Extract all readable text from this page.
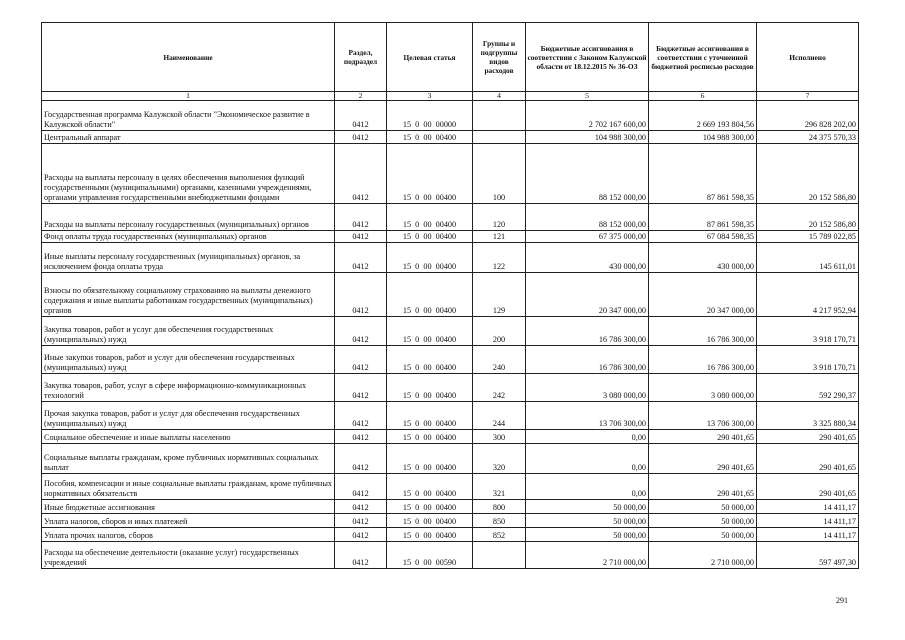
Наименование	Раздел, подраздел	Целевая статья	Группы и подгруппы видов расходов	Бюджетные ассигнования в соответствии с Законом Калужской области от 18.12.2015 № 36-ОЗ	Бюджетные ассигнования в соответствии с уточненной бюджетной росписью расходов	Исполнено
1	2	3	4	5	6	7
Государственная программа Калужской области "Экономическое развитие в Калужской области"	0412	15  0  00  00000		2 702 167 600,00	2 669 193 804,56	296 828 202,00
Центральный аппарат	0412	15  0  00  00400		104 988 300,00	104 988 300,00	24 375 570,33
Расходы на выплаты персоналу в целях обеспечения выполнения функций государственными (муниципальными) органами, казенными учреждениями, органами управления государственными внебюджетными фондами	0412	15  0  00  00400	100	88 152 000,00	87 861 598,35	20 152 586,80
Расходы на выплаты персоналу государственных (муниципальных) органов	0412	15  0  00  00400	120	88 152 000,00	87 861 598,35	20 152 586,80
Фонд оплаты труда государственных (муниципальных) органов	0412	15  0  00  00400	121	67 375 000,00	67 084 598,35	15 789 022,85
Иные выплаты персоналу государственных (муниципальных) органов, за исключением фонда оплаты труда	0412	15  0  00  00400	122	430 000,00	430 000,00	145 611,01
Взносы по обязательному социальному страхованию на выплаты денежного содержания и иные выплаты работникам государственных (муниципальных) органов	0412	15  0  00  00400	129	20 347 000,00	20 347 000,00	4 217 952,94
Закупка товаров, работ и услуг для обеспечения государственных (муниципальных) нужд	0412	15  0  00  00400	200	16 786 300,00	16 786 300,00	3 918 170,71
Иные закупки товаров, работ и услуг для обеспечения государственных (муниципальных) нужд	0412	15  0  00  00400	240	16 786 300,00	16 786 300,00	3 918 170,71
Закупка товаров, работ, услуг в сфере информационно-коммуникационных технологий	0412	15  0  00  00400	242	3 080 000,00	3 080 000,00	592 290,37
Прочая закупка товаров, работ и услуг для обеспечения государственных (муниципальных) нужд	0412	15  0  00  00400	244	13 706 300,00	13 706 300,00	3 325 880,34
Социальное обеспечение и иные выплаты населению	0412	15  0  00  00400	300	0,00	290 401,65	290 401,65
Социальные выплаты гражданам, кроме публичных нормативных социальных выплат	0412	15  0  00  00400	320	0,00	290 401,65	290 401,65
Пособия, компенсации и иные социальные выплаты гражданам, кроме публичных нормативных обязательств	0412	15  0  00  00400	321	0,00	290 401,65	290 401,65
Иные бюджетные ассигнования	0412	15  0  00  00400	800	50 000,00	50 000,00	14 411,17
Уплата налогов, сборов и иных платежей	0412	15  0  00  00400	850	50 000,00	50 000,00	14 411,17
Уплата прочих налогов, сборов	0412	15  0  00  00400	852	50 000,00	50 000,00	14 411,17
Расходы на обеспечение деятельности (оказание услуг) государственных учреждений	0412	15  0  00  00590		2 710 000,00	2 710 000,00	597 497,30
291
